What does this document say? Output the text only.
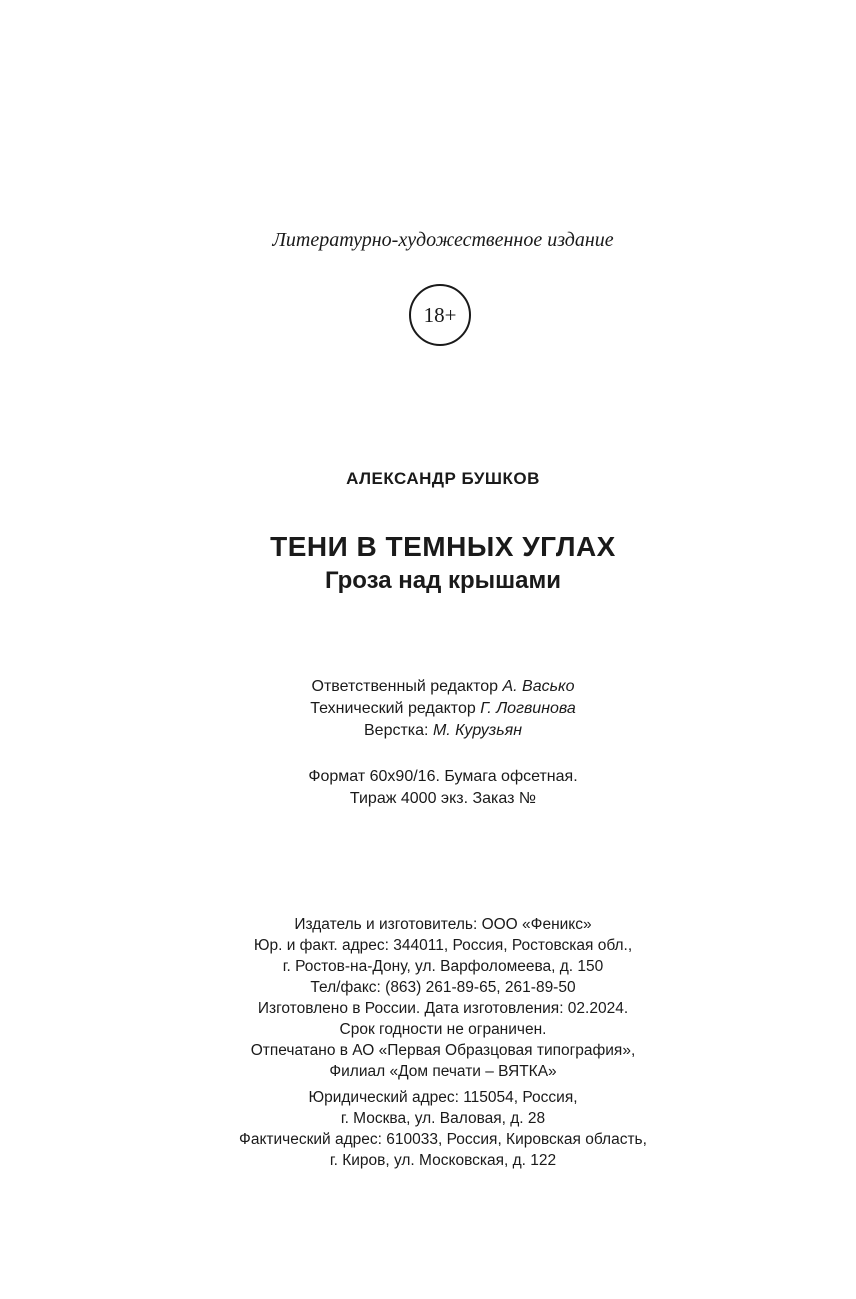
Литературно-художественное издание
18+
АЛЕКСАНДР БУШКОВ
ТЕНИ В ТЕМНЫХ УГЛАХ
Гроза над крышами
Ответственный редактор А. Васько
Технический редактор Г. Логвинова
Верстка: М. Курузьян
Формат 60x90/16. Бумага офсетная.
Тираж 4000 экз. Заказ №
Издатель и изготовитель: ООО «Феникс»
Юр. и факт. адрес: 344011, Россия, Ростовская обл.,
г. Ростов-на-Дону, ул. Варфоломеева, д. 150
Тел/факс: (863) 261-89-65, 261-89-50
Изготовлено в России. Дата изготовления: 02.2024.
Срок годности не ограничен.
Отпечатано в АО «Первая Образцовая типография»,
Филиал «Дом печати – ВЯТКА»
Юридический адрес: 115054, Россия,
г. Москва, ул. Валовая, д. 28
Фактический адрес: 610033, Россия, Кировская область,
г. Киров, ул. Московская, д. 122
